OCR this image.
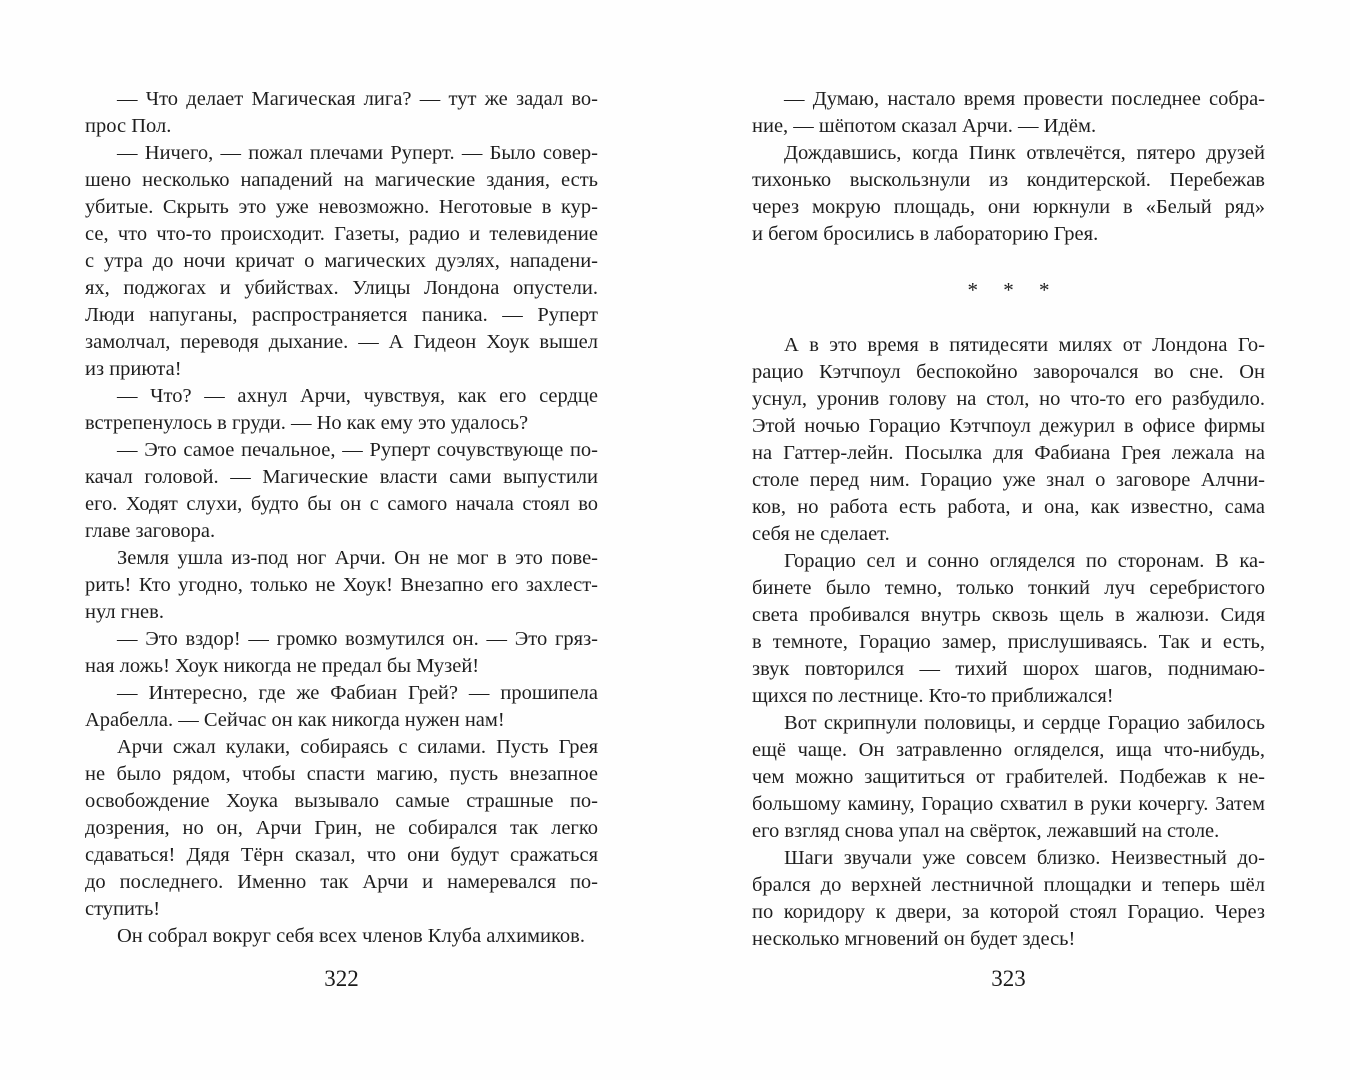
— Что делает Магическая лига? — тут же задал во-
прос Пол.
— Ничего, — пожал плечами Руперт. — Было совер-
шено несколько нападений на магические здания, есть
убитые. Скрыть это уже невозможно. Неготовые в кур-
се, что что-то происходит. Газеты, радио и телевидение
с утра до ночи кричат о магических дуэлях, нападени-
ях, поджогах и убийствах. Улицы Лондона опустели.
Люди напуганы, распространяется паника. — Руперт
замолчал, переводя дыхание. — А Гидеон Хоук вышел
из приюта!
— Что? — ахнул Арчи, чувствуя, как его сердце
встрепенулось в груди. — Но как ему это удалось?
— Это самое печальное, — Руперт сочувствующе по-
качал головой. — Магические власти сами выпустили
его. Ходят слухи, будто бы он с самого начала стоял во
главе заговора.
Земля ушла из-под ног Арчи. Он не мог в это пове-
рить! Кто угодно, только не Хоук! Внезапно его захлест-
нул гнев.
— Это вздор! — громко возмутился он. — Это гряз-
ная ложь! Хоук никогда не предал бы Музей!
— Интересно, где же Фабиан Грей? — прошипела
Арабелла. — Сейчас он как никогда нужен нам!
Арчи сжал кулаки, собираясь с силами. Пусть Грея
не было рядом, чтобы спасти магию, пусть внезапное
освобождение Хоука вызывало самые страшные по-
дозрения, но он, Арчи Грин, не собирался так легко
сдаваться! Дядя Тёрн сказал, что они будут сражаться
до последнего. Именно так Арчи и намеревался по-
ступить!
Он собрал вокруг себя всех членов Клуба алхимиков.
— Думаю, настало время провести последнее собра-
ние, — шёпотом сказал Арчи. — Идём.
Дождавшись, когда Пинк отвлечётся, пятеро друзей
тихонько выскользнули из кондитерской. Перебежав
через мокрую площадь, они юркнули в «Белый ряд»
и бегом бросились в лабораторию Грея.
* * *
А в это время в пятидесяти милях от Лондона Го-
рацио Кэтчпоул беспокойно заворочался во сне. Он
уснул, уронив голову на стол, но что-то его разбудило.
Этой ночью Горацио Кэтчпоул дежурил в офисе фирмы
на Гаттер-лейн. Посылка для Фабиана Грея лежала на
столе перед ним. Горацио уже знал о заговоре Алчни-
ков, но работа есть работа, и она, как известно, сама
себя не сделает.
Горацио сел и сонно огляделся по сторонам. В ка-
бинете было темно, только тонкий луч серебристого
света пробивался внутрь сквозь щель в жалюзи. Сидя
в темноте, Горацио замер, прислушиваясь. Так и есть,
звук повторился — тихий шорох шагов, поднимаю-
щихся по лестнице. Кто-то приближался!
Вот скрипнули половицы, и сердце Горацио забилось
ещё чаще. Он затравленно огляделся, ища что-нибудь,
чем можно защититься от грабителей. Подбежав к не-
большому камину, Горацио схватил в руки кочергу. Затем
его взгляд снова упал на свёрток, лежавший на столе.
Шаги звучали уже совсем близко. Неизвестный до-
брался до верхней лестничной площадки и теперь шёл
по коридору к двери, за которой стоял Горацио. Через
несколько мгновений он будет здесь!
322	323
